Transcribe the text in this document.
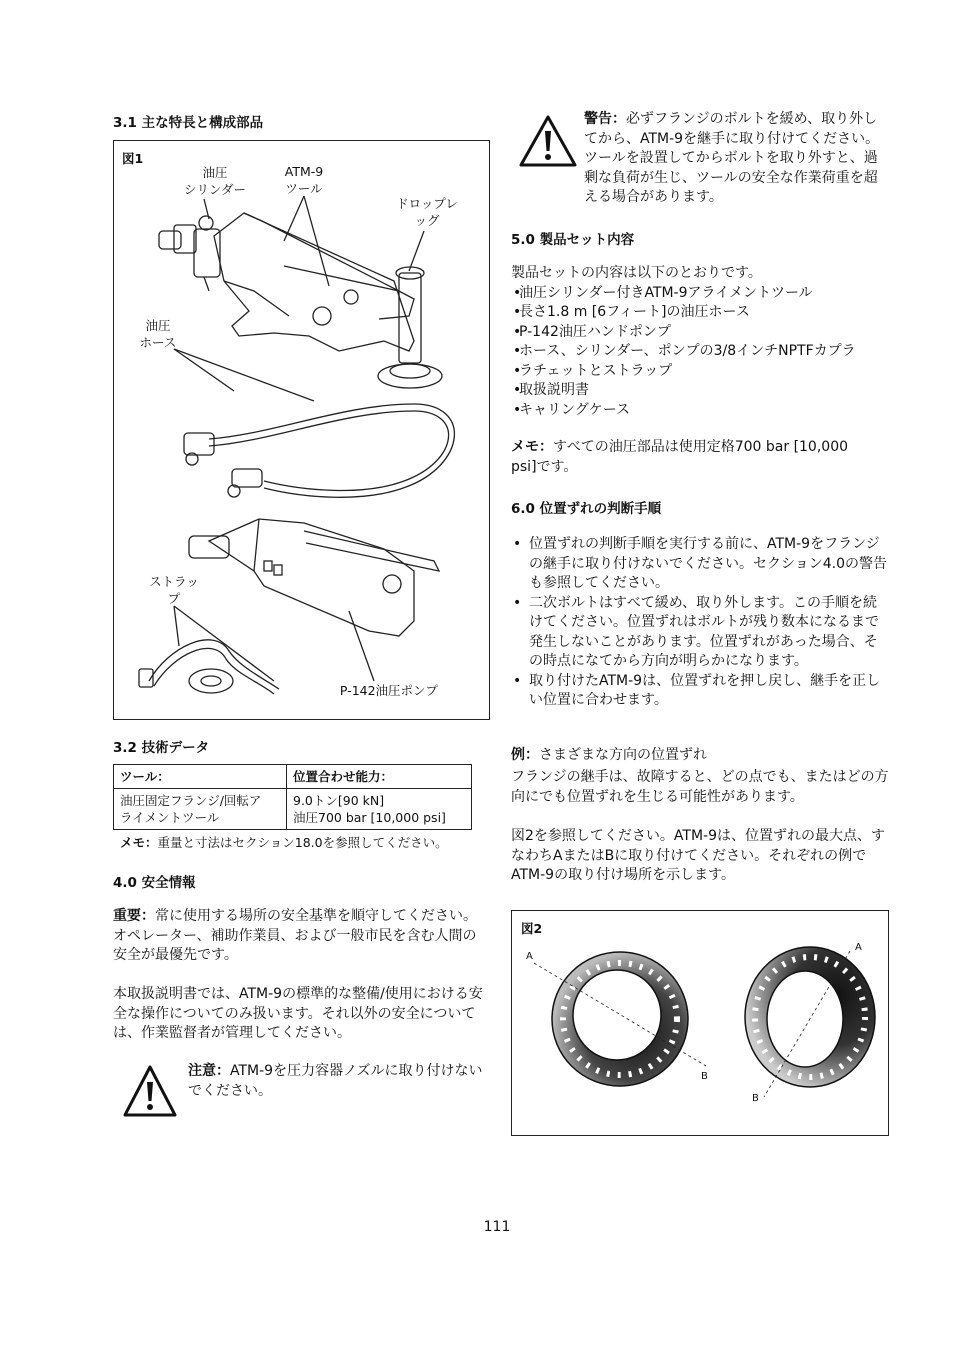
3.1 主な特長と構成部品
図1
油圧
シリンダー
ATM-9
ツール
ドロップレ
ッグ
油圧
ホース
ストラッ
プ
P-142油圧ポンプ
3.2 技術データ
ツール：	位置合わせ能力：
油圧固定フランジ/回転ア
ライメントツール	9.0トン[90 kN]
油圧700 bar [10,000 psi]
メモ：重量と寸法はセクション18.0を参照してください。
4.0 安全情報
重要：常に使用する場所の安全基準を順守してください。オペレーター、補助作業員、および一般市民を含む人間の安全が最優先です。
本取扱説明書では、ATM-9の標準的な整備/使用における安全な操作についてのみ扱います。それ以外の安全については、作業監督者が管理してください。
注意：ATM-9を圧力容器ノズルに取り付けないでください。
警告：必ずフランジのボルトを緩め、取り外してから、ATM-9を継手に取り付けてください。ツールを設置してからボルトを取り外すと、過剰な負荷が生じ、ツールの安全な作業荷重を超える場合があります。
5.0 製品セット内容
製品セットの内容は以下のとおりです。
• 油圧シリンダー付きATM-9アライメントツール
• 長さ1.8 m [6フィート]の油圧ホース
• P-142油圧ハンドポンプ
• ホース、シリンダー、ポンプの3/8インチNPTFカプラ
• ラチェットとストラップ
• 取扱説明書
• キャリングケース
メモ：すべての油圧部品は使用定格700 bar [10,000 psi]です。
6.0 位置ずれの判断手順
• 位置ずれの判断手順を実行する前に、ATM-9をフランジの継手に取り付けないでください。セクション4.0の警告も参照してください。
• 二次ボルトはすべて緩め、取り外します。この手順を続けてください。位置ずれはボルトが残り数本になるまで発生しないことがあります。位置ずれがあった場合、その時点になてから方向が明らかになります。
• 取り付けたATM-9は、位置ずれを押し戻し、継手を正しい位置に合わせます。
例：さまざまな方向の位置ずれ
フランジの継手は、故障すると、どの点でも、またはどの方向にでも位置ずれを生じる可能性があります。
図2を参照してください。ATM-9は、位置ずれの最大点、すなわちAまたはBに取り付けてください。それぞれの例でATM-9の取り付け場所を示します。
図2
A
B
A
B
111
